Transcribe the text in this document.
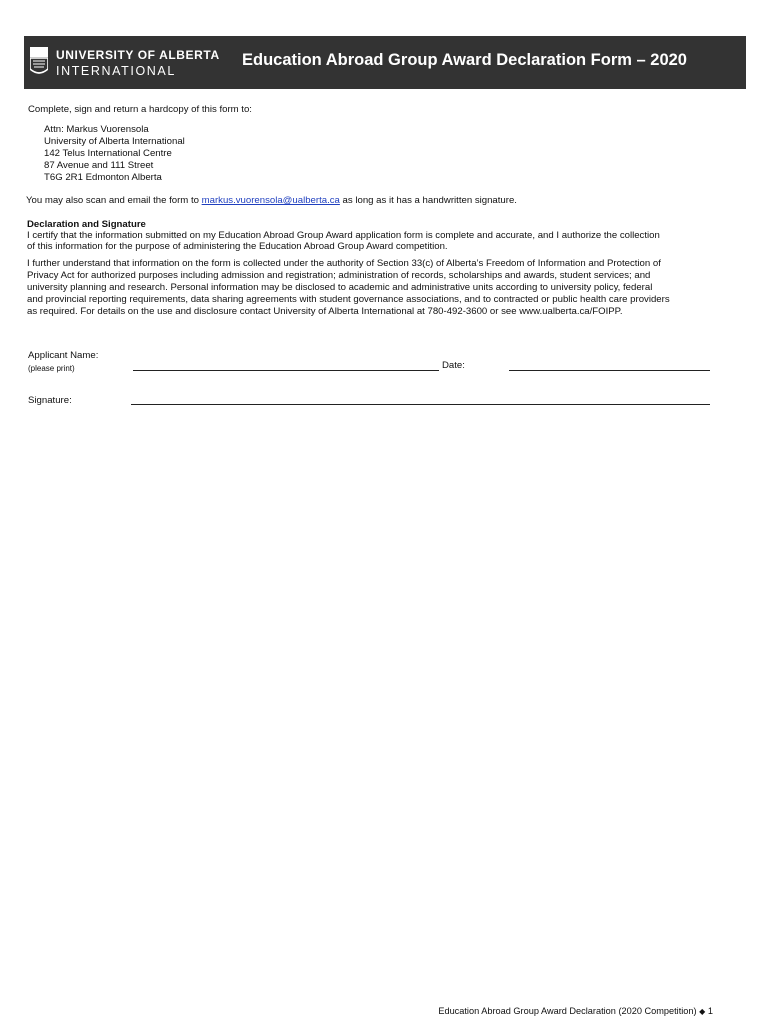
UNIVERSITY OF ALBERTA
INTERNATIONAL
Education Abroad Group Award Declaration Form – 2020
Complete, sign and return a hardcopy of this form to:
Attn: Markus Vuorensola
University of Alberta International
142 Telus International Centre
87 Avenue and 111 Street
T6G 2R1 Edmonton Alberta
You may also scan and email the form to markus.vuorensola@ualberta.ca as long as it has a handwritten signature.
Declaration and Signature
I certify that the information submitted on my Education Abroad Group Award application form is complete and accurate, and I authorize the collection
of this information for the purpose of administering the Education Abroad Group Award competition.
I further understand that information on the form is collected under the authority of Section 33(c) of Alberta’s Freedom of Information and Protection of
Privacy Act for authorized purposes including admission and registration; administration of records, scholarships and awards, student services; and
university planning and research. Personal information may be disclosed to academic and administrative units according to university policy, federal
and provincial reporting requirements, data sharing agreements with student governance associations, and to contracted or public health care providers
as required. For details on the use and disclosure contact University of Alberta International at 780-492-3600 or see www.ualberta.ca/FOIPP.
Applicant Name:
(please print)	Date:
Signature:
Education Abroad Group Award Declaration (2020 Competition) ◆ 1
